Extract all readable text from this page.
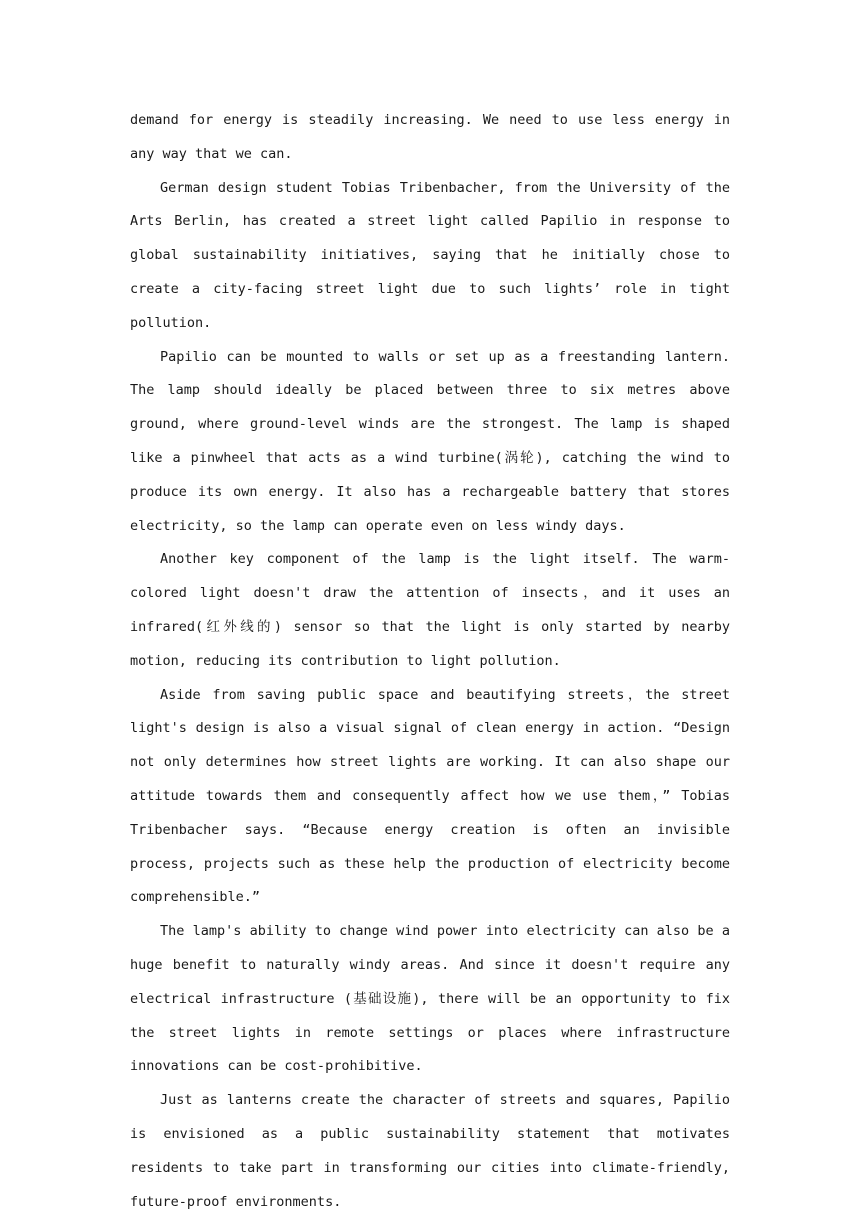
demand for energy is steadily increasing. We need to use less energy in any way that we can.

German design student Tobias Tribenbacher, from the University of the Arts Berlin, has created a street light called Papilio in response to global sustainability initiatives, saying that he initially chose to create a city-facing street light due to such lights’ role in tight pollution.

Papilio can be mounted to walls or set up as a freestanding lantern. The lamp should ideally be placed between three to six metres above ground, where ground-level winds are the strongest. The lamp is shaped like a pinwheel that acts as a wind turbine(涡轮), catching the wind to produce its own energy. It also has a rechargeable battery that stores electricity, so the lamp can operate even on less windy days.

Another key component of the lamp is the light itself. The warm-colored light doesn't draw the attention of insects，and it uses an infrared(红外线的) sensor so that the light is only started by nearby motion, reducing its contribution to light pollution.

Aside from saving public space and beautifying streets，the street light's design is also a visual signal of clean energy in action. “Design not only determines how street lights are working. It can also shape our attitude towards them and consequently affect how we use them，” Tobias Tribenbacher says. “Because energy creation is often an invisible process, projects such as these help the production of electricity become comprehensible.”

The lamp's ability to change wind power into electricity can also be a huge benefit to naturally windy areas. And since it doesn't require any electrical infrastructure (基础设施), there will be an opportunity to fix the street lights in remote settings or places where infrastructure innovations can be cost-prohibitive.

Just as lanterns create the character of streets and squares, Papilio is envisioned as a public sustainability statement that motivates residents to take part in transforming our cities into climate-friendly, future-proof environments.
